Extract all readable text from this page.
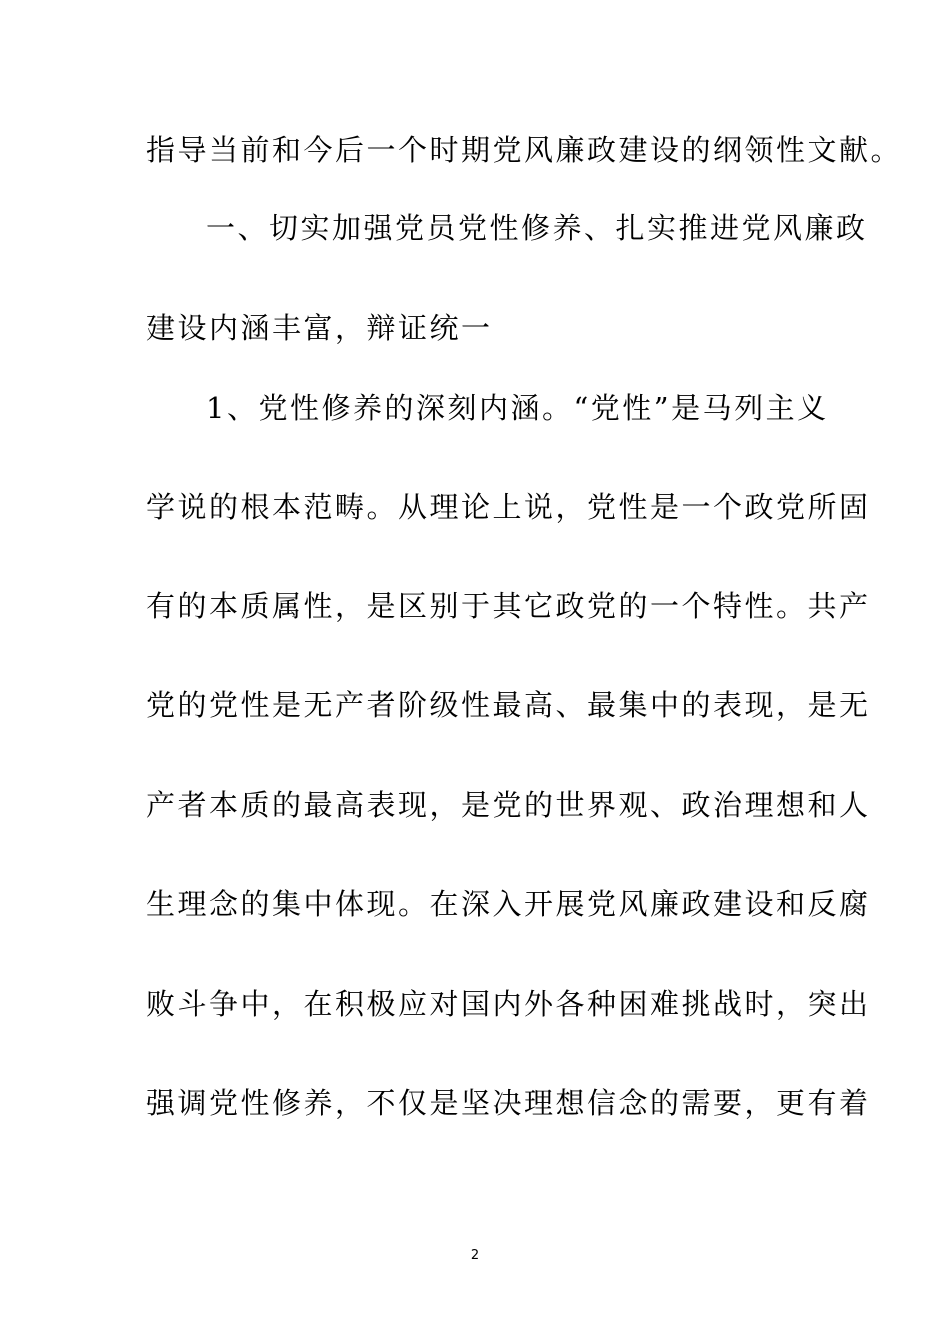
指导当前和今后一个时期党风廉政建设的纲领性文献。
一、切实加强党员党性修养、扎实推进党风廉政
建设内涵丰富，辩证统一
1、党性修养的深刻内涵。“党性”是马列主义
学说的根本范畴。从理论上说，党性是一个政党所固
有的本质属性，是区别于其它政党的一个特性。共产
党的党性是无产者阶级性最高、最集中的表现，是无
产者本质的最高表现，是党的世界观、政治理想和人
生理念的集中体现。在深入开展党风廉政建设和反腐
败斗争中，在积极应对国内外各种困难挑战时，突出
强调党性修养，不仅是坚决理想信念的需要，更有着
2
